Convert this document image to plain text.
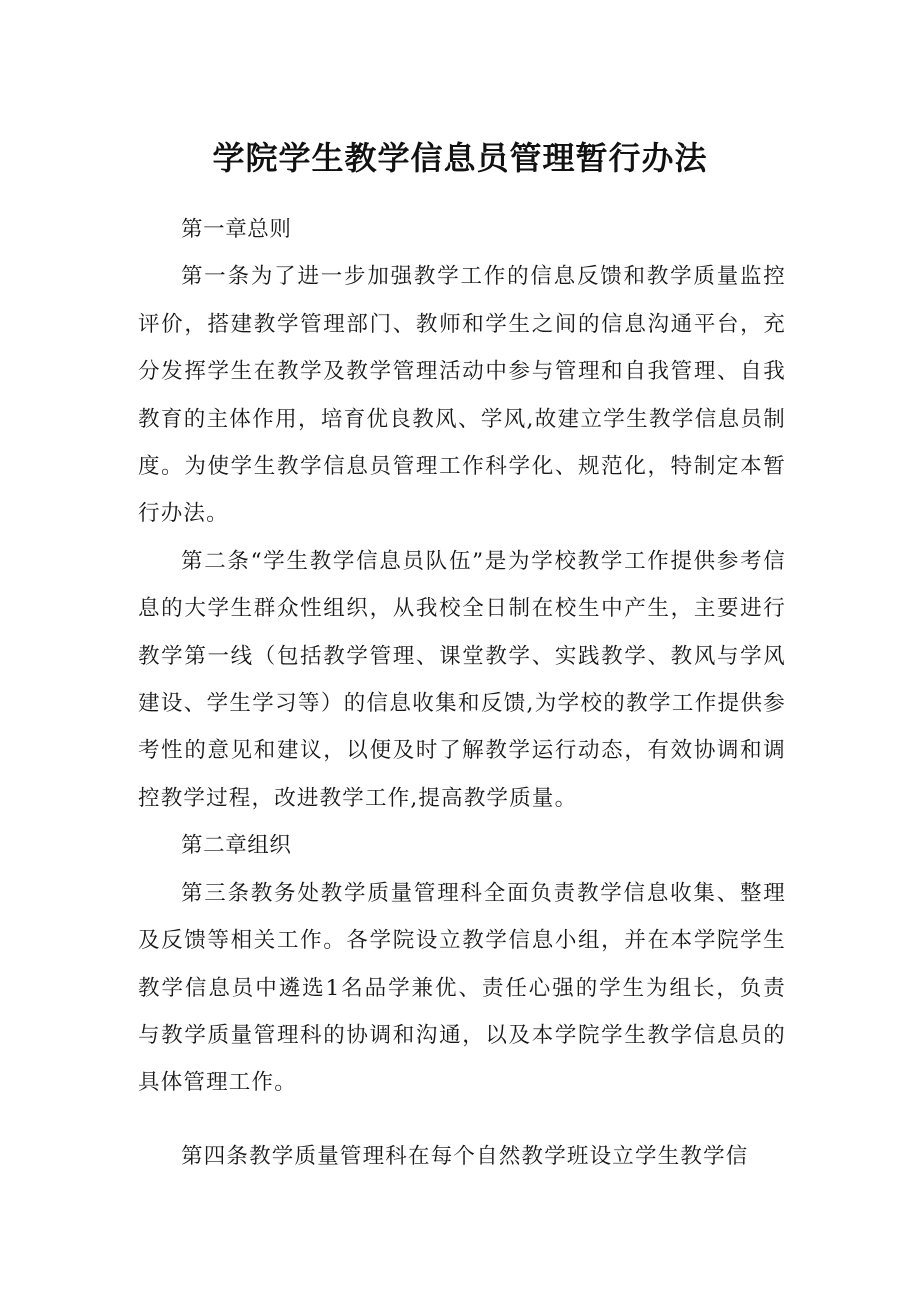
学院学生教学信息员管理暂行办法

第一章总则

第一条为了进一步加强教学工作的信息反馈和教学质量监控评价，搭建教学管理部门、教师和学生之间的信息沟通平台，充分发挥学生在教学及教学管理活动中参与管理和自我管理、自我教育的主体作用，培育优良教风、学风,故建立学生教学信息员制度。为使学生教学信息员管理工作科学化、规范化，特制定本暂行办法。

第二条“学生教学信息员队伍”是为学校教学工作提供参考信息的大学生群众性组织，从我校全日制在校生中产生，主要进行教学第一线（包括教学管理、课堂教学、实践教学、教风与学风建设、学生学习等）的信息收集和反馈,为学校的教学工作提供参考性的意见和建议，以便及时了解教学运行动态，有效协调和调控教学过程，改进教学工作,提高教学质量。

第二章组织

第三条教务处教学质量管理科全面负责教学信息收集、整理及反馈等相关工作。各学院设立教学信息小组，并在本学院学生教学信息员中遴选1名品学兼优、责任心强的学生为组长，负责与教学质量管理科的协调和沟通，以及本学院学生教学信息员的具体管理工作。

第四条教学质量管理科在每个自然教学班设立学生教学信
